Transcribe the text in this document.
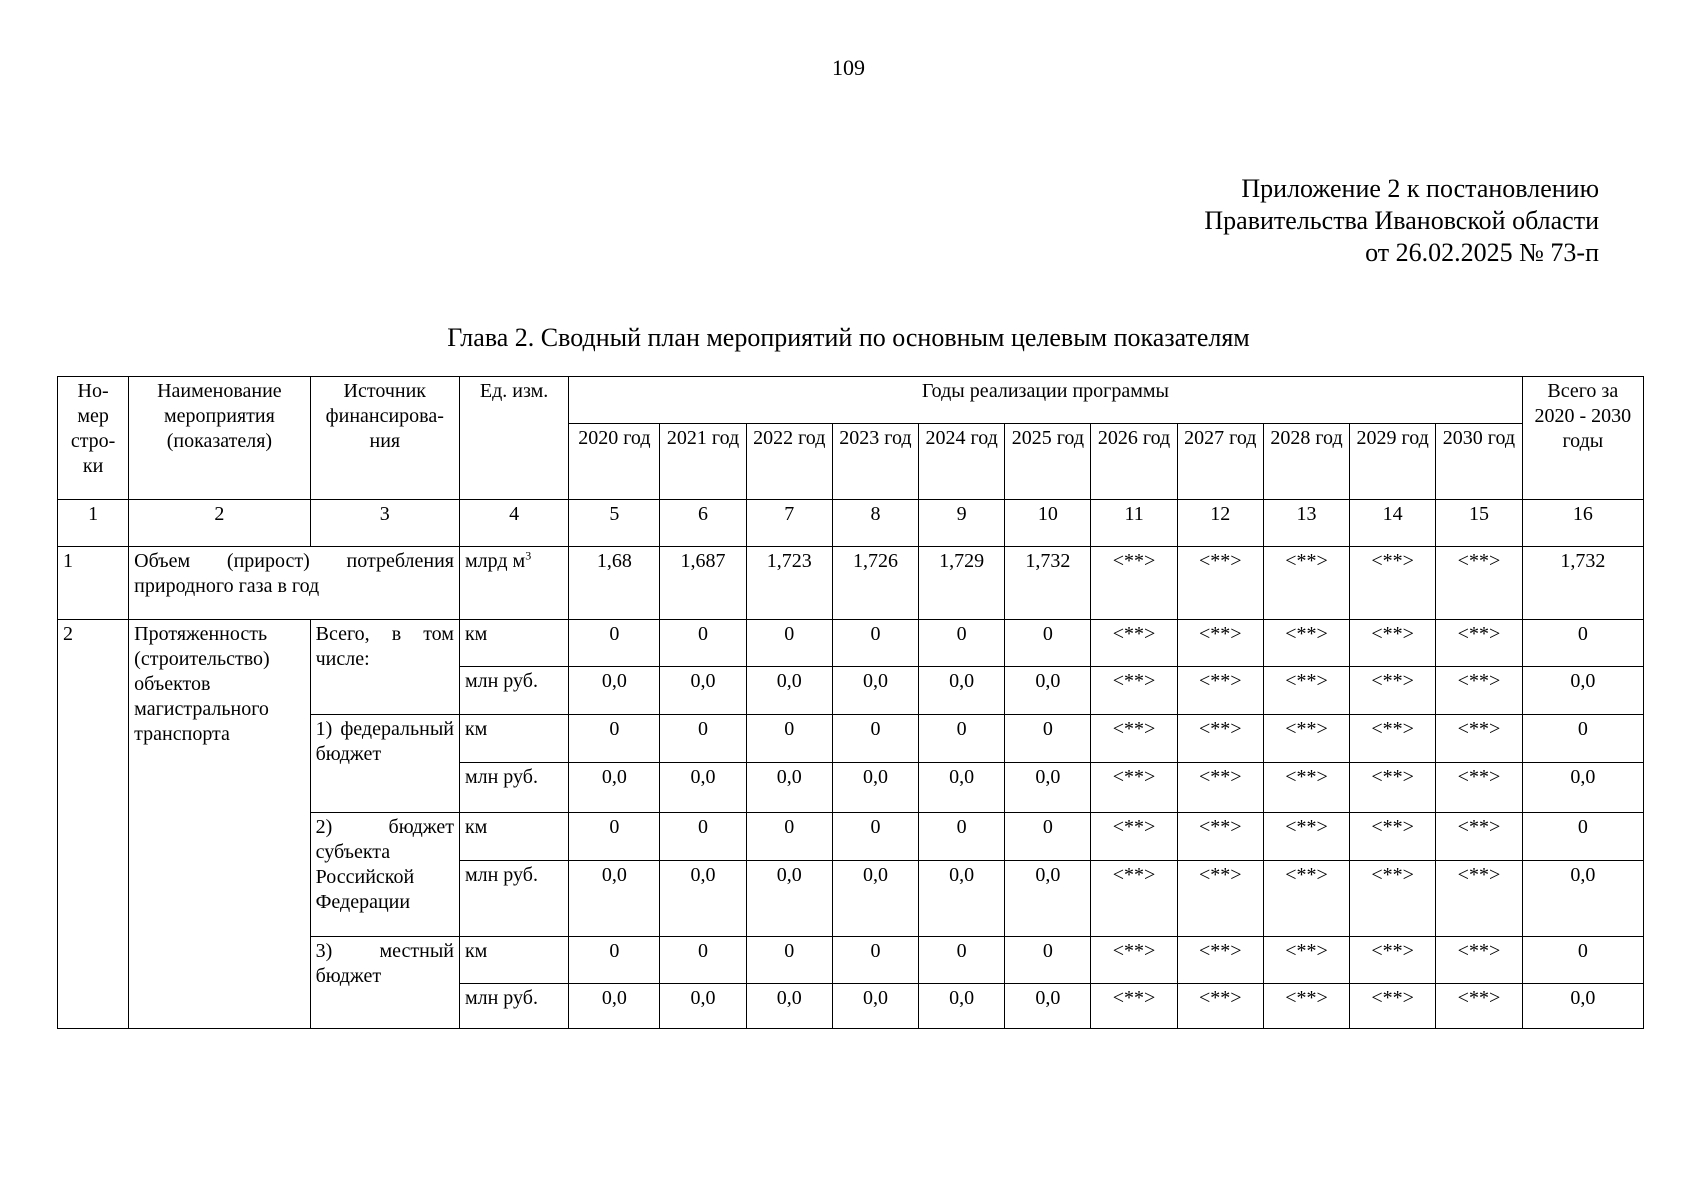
109
Приложение 2 к постановлению
Правительства Ивановской области
от 26.02.2025 № 73-п
Глава 2. Сводный план мероприятий по основным целевым показателям
Но-мер стро-ки	Наименование мероприятия (показателя)	Источник финансирова-ния	Ед. изм.	Годы реализации программы											Всего за 2020 - 2030 годы
				2020 год	2021 год	2022 год	2023 год	2024 год	2025 год	2026 год	2027 год	2028 год	2029 год	2030 год	
1	2	3	4	5	6	7	8	9	10	11	12	13	14	15	16
1	Объем (прирост) потребления природного газа в год		млрд $м^3$	1,68	1,687	1,723	1,726	1,729	1,732	<**>	<**>	<**>	<**>	<**>	1,732
2	Протяженность (строительство) объектов магистрального транспорта	Всего, в том числе:	км	0	0	0	0	0	0	<**>	<**>	<**>	<**>	<**>	0
			млн руб.	0,0	0,0	0,0	0,0	0,0	0,0	<**>	<**>	<**>	<**>	<**>	0,0
		1) федеральный бюджет	км	0	0	0	0	0	0	<**>	<**>	<**>	<**>	<**>	0
			млн руб.	0,0	0,0	0,0	0,0	0,0	0,0	<**>	<**>	<**>	<**>	<**>	0,0
		2) бюджет субъекта Российской Федерации	км	0	0	0	0	0	0	<**>	<**>	<**>	<**>	<**>	0
			млн руб.	0,0	0,0	0,0	0,0	0,0	0,0	<**>	<**>	<**>	<**>	<**>	0,0
		3) местный бюджет	км	0	0	0	0	0	0	<**>	<**>	<**>	<**>	<**>	0
			млн руб.	0,0	0,0	0,0	0,0	0,0	0,0	<**>	<**>	<**>	<**>	<**>	0,0
